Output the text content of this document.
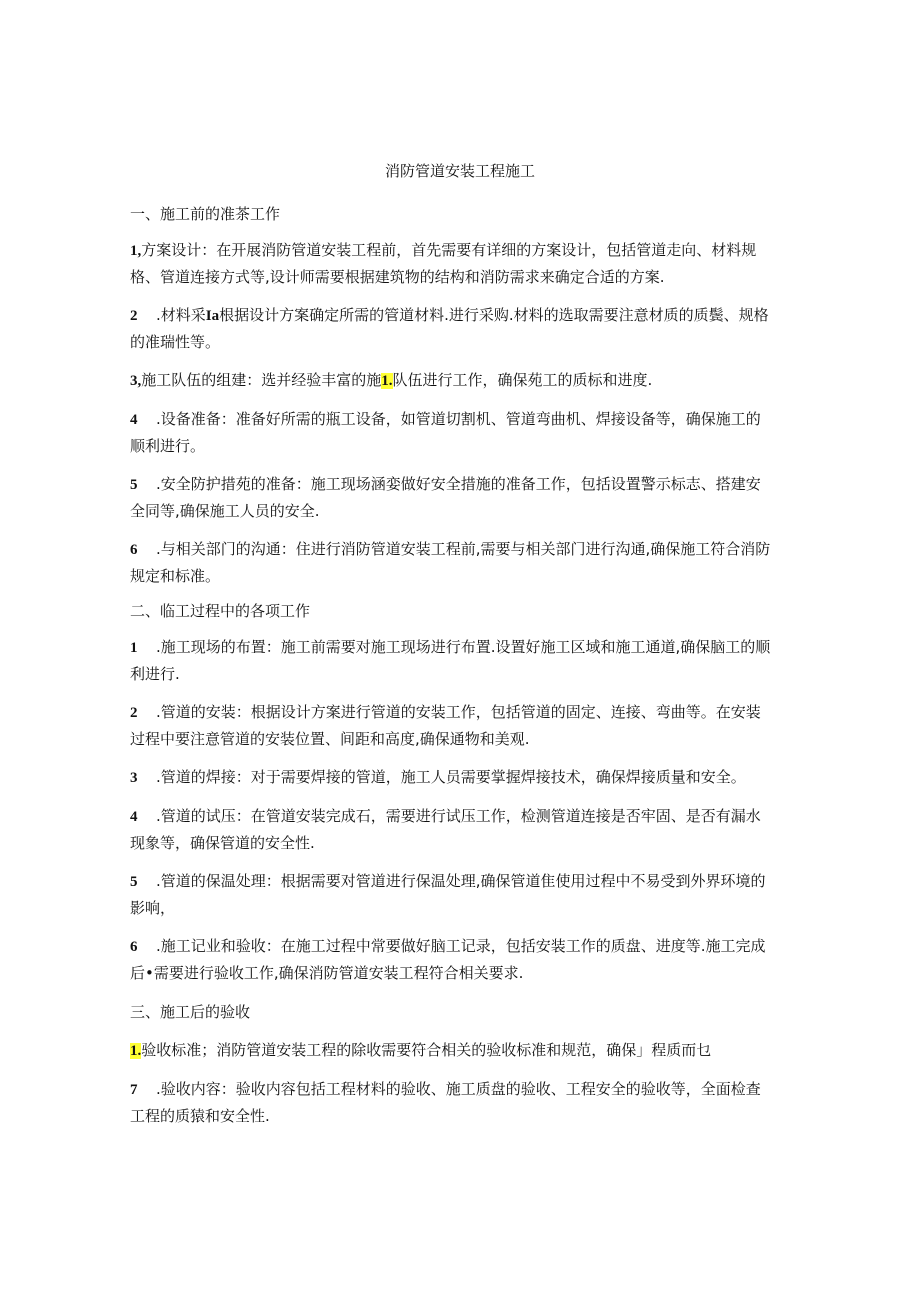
消防管道安装工程施工
一、施工前的准茶工作
1,方案设计：在开展消防管道安装工程前，首先需要有详细的方案设计，包括管道走向、材料规
格、管道连接方式等,设计师需要根据建筑物的结构和消防需求来确定合适的方案.
2 .材料采Ia根据设计方案确定所需的管道材料.进行采购.材料的选取需要注意材质的质鬓、规格
的准瑞性等。
3,施工队伍的组建：选并经验丰富的施1.队伍进行工作，确保苑工的质标和进度.
4 .设备准备：准备好所需的瓶工设备，如管道切割机、管道弯曲机、焊接设备等，确保施工的
顺利进行。
5 .安全防护措苑的准备：施工现场涵娈做好安全措施的准备工作，包括设置警示标志、搭建安
全同等,确保施工人员的安全.
6 .与相关部门的沟通：住进行消防管道安装工程前,需要与相关部门进行沟通,确保施工符合消防
规定和标准。
二、临工过程中的各项工作
1 .施工现场的布置：施工前需要对施工现场进行布置.设置好施工区域和施工通道,确保脑工的顺
利进行.
2 .管道的安装：根据设计方案进行管道的安装工作，包括管道的固定、连接、弯曲等。在安装
过程中要注意管道的安装位置、间距和高度,确保通物和美观.
3 .管道的焊接：对于需要焊接的管道，施工人员需要掌握焊接技术，确保焊接质量和安全。
4 .管道的试压：在管道安装完成石，需要进行试压工作，检测管道连接是否牢固、是否有漏水
现象等，确保管道的安全性.
5 .管道的保温处理：根据需要对管道进行保温处理,确保管道隹使用过程中不易受到外界环境的
影响，
6 .施工记业和验收：在施工过程中常要做好脑工记录，包括安装工作的质盘、进度等.施工完成
后•需要进行验收工作,确保消防管道安装工程符合相关要求.
三、施工后的验收
1.验收标准；消防管道安装工程的除收需要符合相关的验收标准和规范，确保」程质而乜
7 .验收内容：验收内容包括工程材料的验收、施工质盘的验收、工程安全的验收等，全面检查
工程的质猿和安全性.
